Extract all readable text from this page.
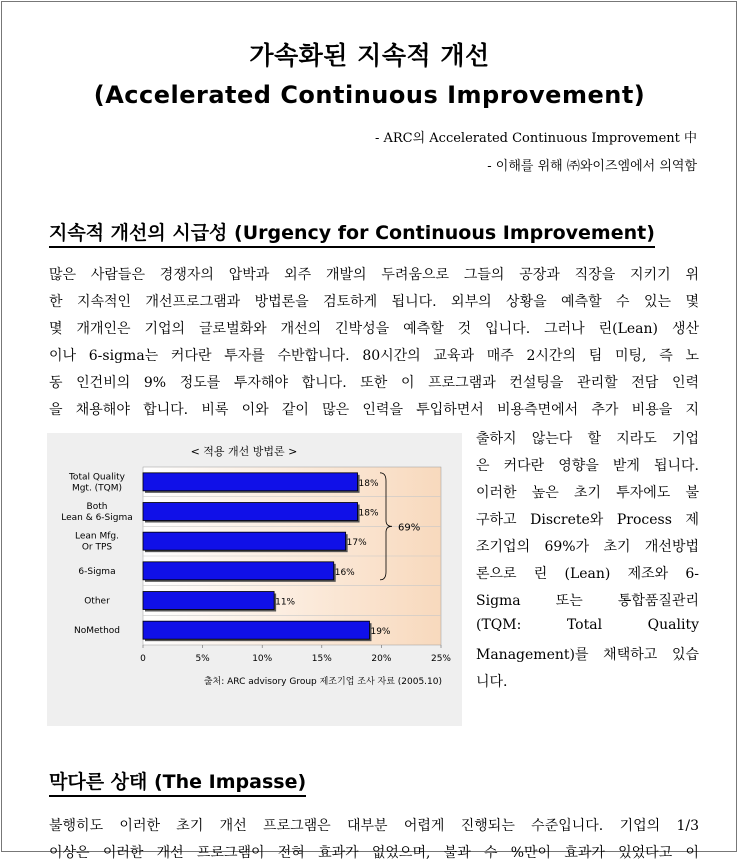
가속화된 지속적 개선
(Accelerated Continuous Improvement)
- ARC의 Accelerated Continuous Improvement 中
- 이해를 위해 ㈜와이즈엠에서 의역함
지속적 개선의 시급성 (Urgency for Continuous Improvement)
많은 사람들은 경쟁자의 압박과 외주 개발의 두려움으로 그들의 공장과 직장을 지키기 위
한 지속적인 개선프로그램과 방법론을 검토하게 됩니다. 외부의 상황을 예측할 수 있는 몇
몇 개개인은 기업의 글로벌화와 개선의 긴박성을 예측할 것 입니다. 그러나 린(Lean) 생산
이나 6-sigma는 커다란 투자를 수반합니다. 80시간의 교육과 매주 2시간의 팀 미팅, 즉 노
동 인건비의 9% 정도를 투자해야 합니다. 또한 이 프로그램과 컨설팅을 관리할 전담 인력
을 채용해야 합니다. 비록 이와 같이 많은 인력을 투입하면서 비용측면에서 추가 비용을 지
출하지 않는다 할 지라도 기업
은 커다란 영향을 받게 됩니다.
이러한 높은 초기 투자에도 불
구하고 Discrete와 Process 제
조기업의 69%가 초기 개선방법
론으로 린 (Lean) 제조와 6-
Sigma 또는 통합품질관리
(TQM: Total Quality
Management)를 채택하고 있습
니다.
< 적용 개선 방법론 >
0	5%	10%	15%	20%	25%
Total Quality
Mgt. (TQM)	18%
Both
Lean & 6-Sigma	18%
Lean Mfg.
Or TPS	17%
6-Sigma	16%
Other	11%
NoMethod	19%
69%
출처: ARC advisory Group 제조기업 조사 자료 (2005.10)
막다른 상태 (The Impasse)
불행히도 이러한 초기 개선 프로그램은 대부분 어렵게 진행되는 수준입니다. 기업의 1/3
이상은 이러한 개선 프로그램이 전혀 효과가 없었으며, 불과 수 %만이 효과가 있었다고 이
